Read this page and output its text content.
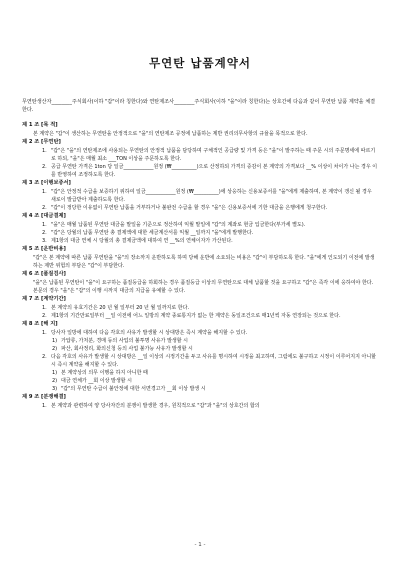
무연탄 납품계약서

무연탄생산자________주식회사(이하 "갑"이라 칭한다)와 연탄제조사________주식회사(이하 "을"이라 칭한다)는 상호간에 다음과 같이 무연탄 납품 계약을 체결한다.

제 1 조 [목 적]

본 계약은 "갑"이 생산하는 무연탄을 안정적으로 "을"의 연탄제조 공정에 납품하는 제반 권리의무사항의 규율을 목적으로 한다.

제 2 조 [무연탄]
1. "갑"은 "을"의 연탄제조에 사용되는 무연탄의 안정적 납품을 담당하며 구체적인 공급량 및 가격 등은 "을"이 발주하는 때 주문 시의 주문명세에 따르기로 하되, "을"은 매월 최소 ___TON 이상을 주문하도록 한다.
2. 공급 무연탄 가격은 1ton 당 일금____________원정 (₩__________)으로 산정하되 가격의 증감이 본 계약의 가격보다 __% 이상이 차이가 나는 경우 이를 반영하여 조정하도록 한다.
제 3 조 [이행보증서]
1. "갑"은 안정적 수급을 보증하기 위하여 일금____________원정 (₩__________)에 상응하는 신용보증서를 "을"에게 제출하며, 본 계약이 갱신 될 경우 새로이 발급받아 제출하도록 한다.
2. "갑"이 정당한 이유없이 무연탄 납품을 거부하거나 불완전 수급을 할 경우 "을"은 신용보증서에 기한 대금을 은행에게 청구한다.
제 4 조 [대금결제]
1. "을"은 매월 납품된 무연탄 대금을 말일을 기준으로 정산하여 익월 말일에 "갑"의 계좌로 현금 입금한다(부가세 별도).
2. "갑"은 당월의 납품 무연탄 총 결제액에 대한 세금계산서를 익월 __일까지 "을"에게 발행한다.
3. 제1항의 대금 연체 시 당월의 총 결제금액에 대하여 연 __%의 연체이자가 가산된다.
제 5 조 [운반비용]

"갑"은 본 계약에 따른 납품 무연탄을 "을"의 장소까지 운반하도록 하며 당해 운반에 소요되는 비용은 "갑"이 부담하도록 한다. "을"에게 인도되기 이전에 발생하는 제반 위험의 부담은 "갑"이 부담한다.

제 6 조 [품질검사]

"을"은 납품된 무연탄이 "을"이 요구하는 품질등급을 하회하는 경우 품질등급 이상의 무연탄으로 대체 납품할 것을 요구하고 "갑"은 즉각 이에 응하여야 한다. 본문의 경우 "을"은 "갑"의 이행 시까지 대금의 지급을 유예할 수 있다.

제 7 조 [계약기간]
1. 본 계약의 유효기간은 20 년 월 일부터 20 년 월 일까지로 한다.
2. 제1항의 기간만료일부터 __일 이전에 어느 일방의 계약 종료통지가 없는 한 계약은 동일조건으로 매1년씩 자동 연장되는 것으로 한다.
제 8 조 [해 지]
1. 당사자 일방에 대하여 다음 각호의 사유가 발생할 시 상대방은 즉시 계약을 해지할 수 있다.
1) 가압류, 가처분, 경매 등의 사업의 불투명 사유가 발생할 시
2) 파산, 회사정리, 화의신청 등의 사업 불가능 사유가 발생할 시
2. 다음 각호의 사유가 발생할 시 상대방은 __일 이상의 시정기간을 두고 사유를 명시하여 시정을 최고하며, 그럼에도 불구하고 시정이 이루어지지 아니할 시 즉시 계약을 해지할 수 있다.
1) 본 계약상의 의무 이행을 하지 아니한 때
2) 대금 연체가 __회 이상 발생할 시
3) "갑"의 무연탄 수급이 불안정에 대한 서면경고가 __회 이상 발생 시
제 9 조 [분쟁해결]
1. 본 계약과 관련하여 양 당사자간의 분쟁이 발생한 경우, 원칙적으로 "갑"과 "을"의 상호간의 합의
- 1 -
